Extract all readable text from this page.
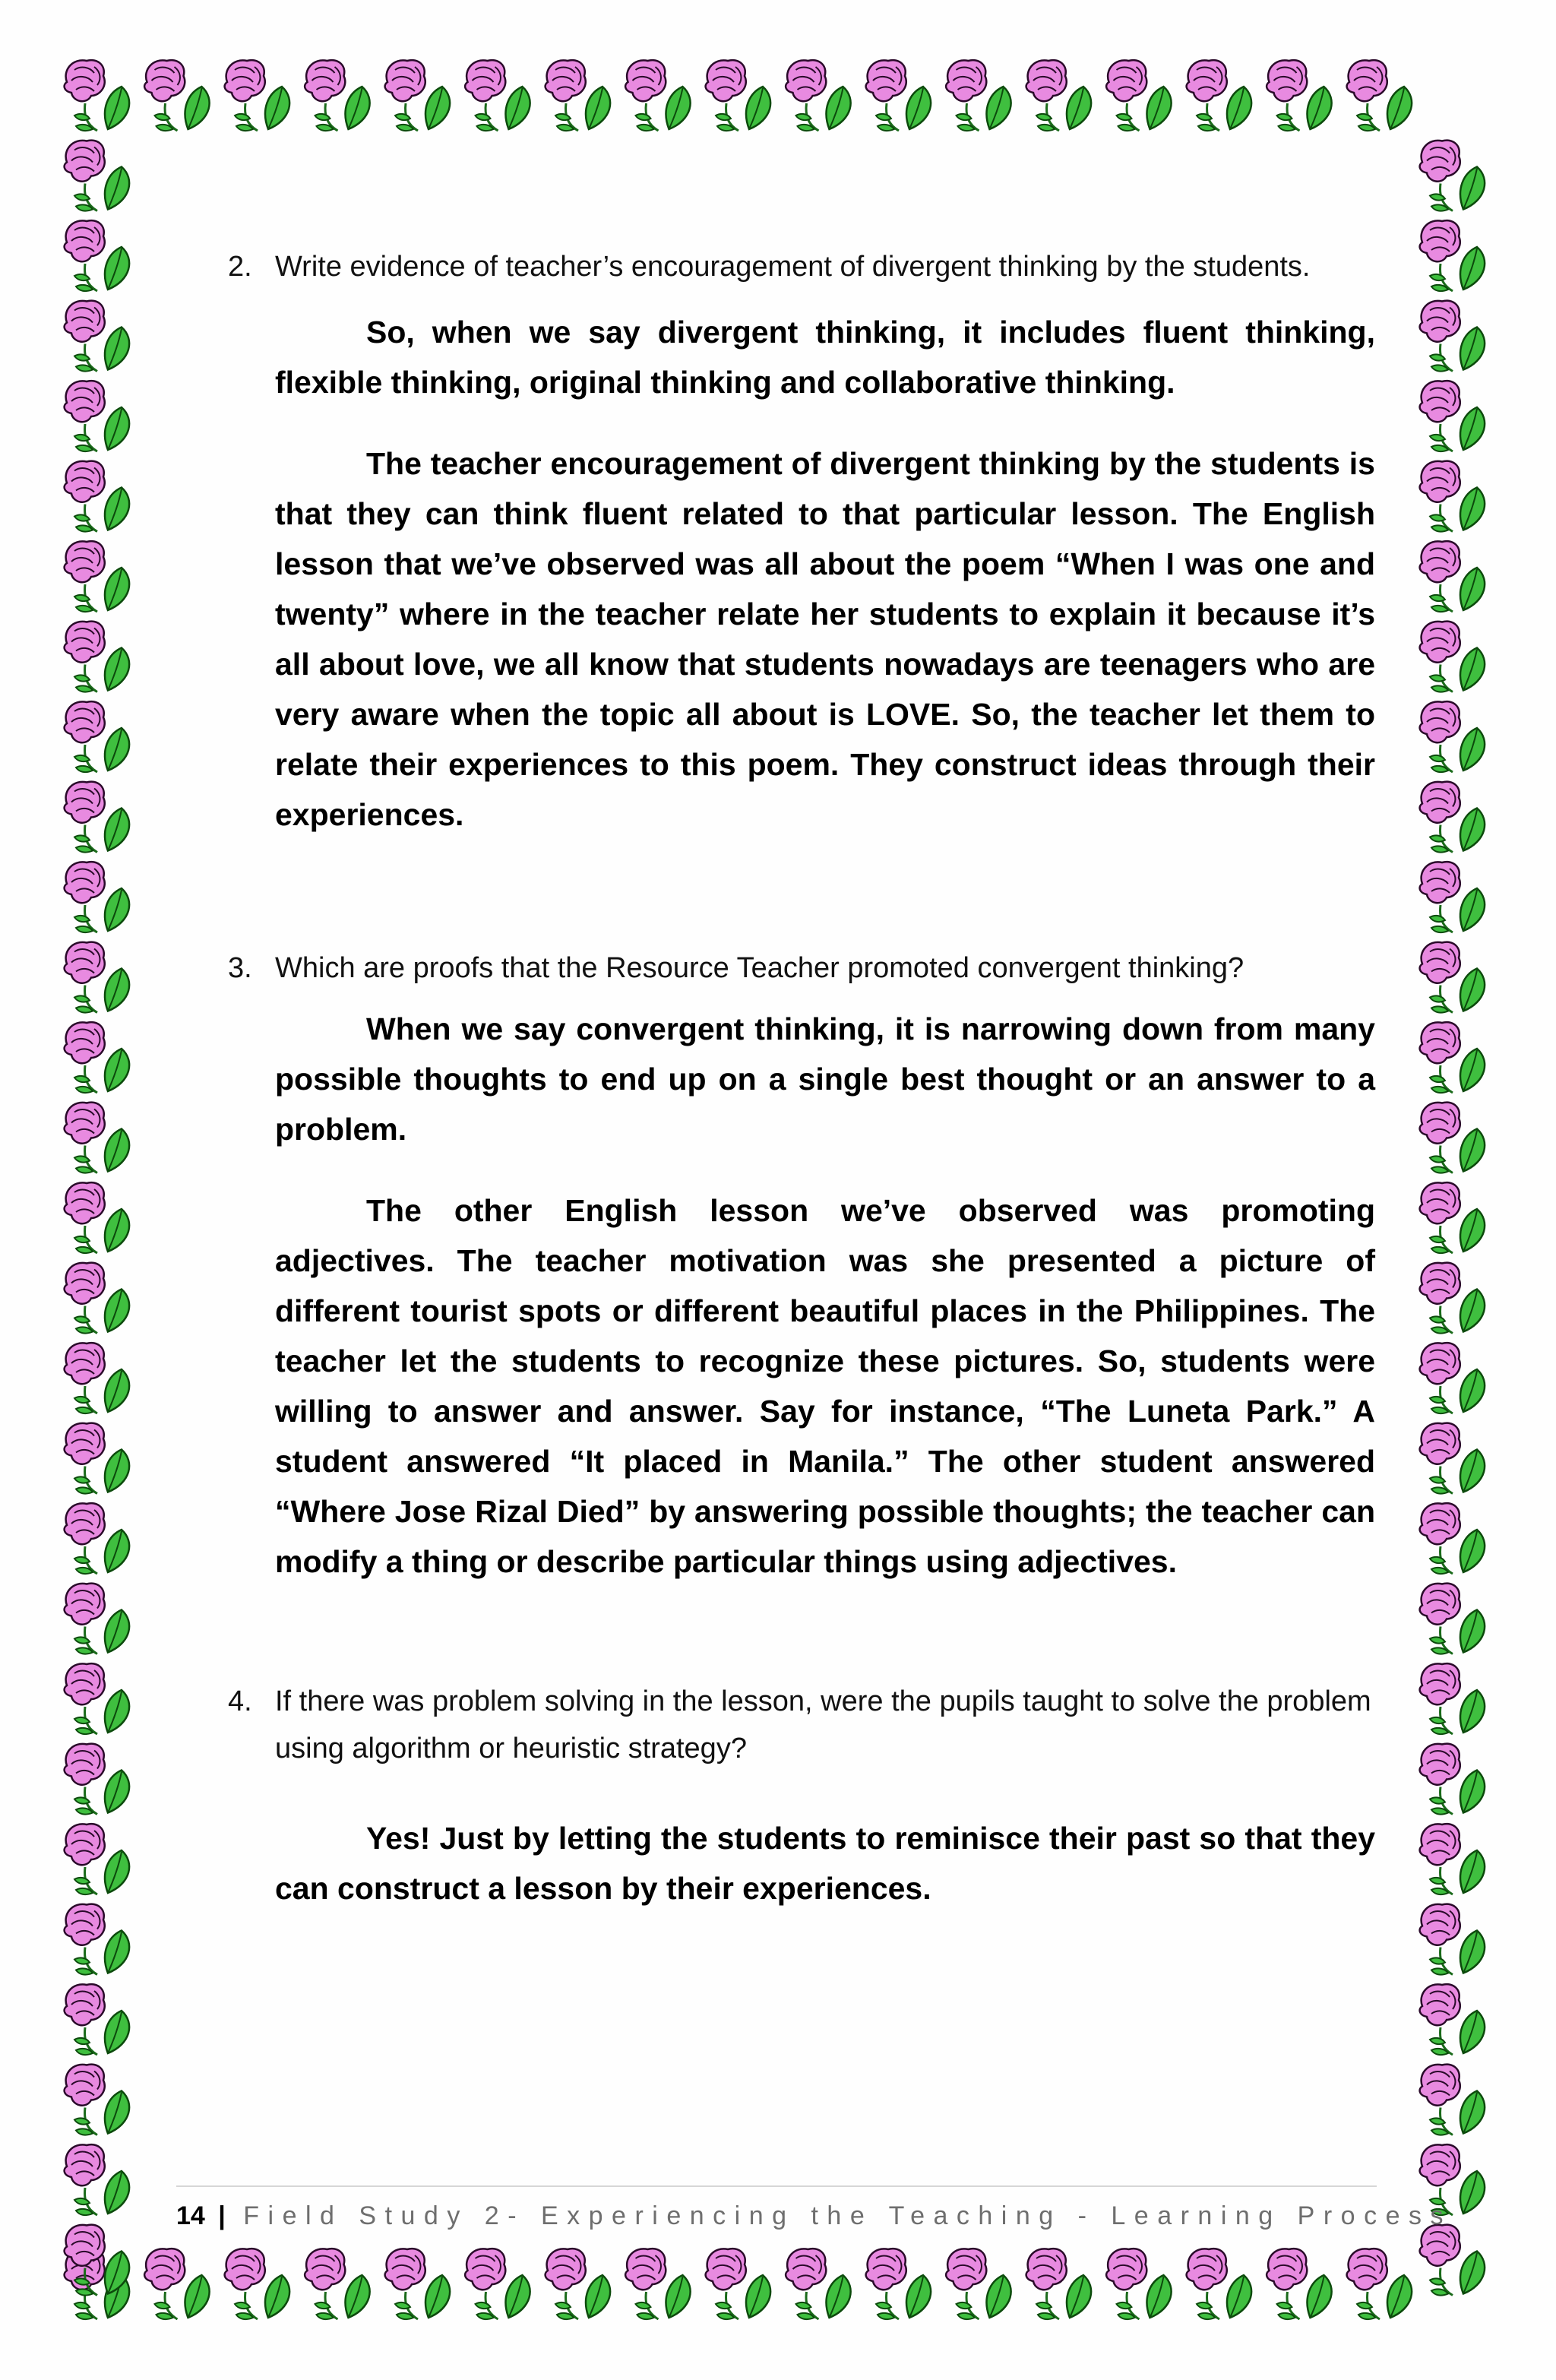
2. Write evidence of teacher’s encouragement of divergent thinking by the students.

So, when we say divergent thinking, it includes fluent thinking, flexible thinking, original thinking and collaborative thinking.

The teacher encouragement of divergent thinking by the students is that they can think fluent related to that particular lesson. The English lesson that we’ve observed was all about the poem “When I was one and twenty” where in the teacher relate her students to explain it because it’s all about love, we all know that students nowadays are teenagers who are very aware when the topic all about is LOVE. So, the teacher let them to relate their experiences to this poem. They construct ideas through their experiences.

3. Which are proofs that the Resource Teacher promoted convergent thinking?

When we say convergent thinking, it is narrowing down from many possible thoughts to end up on a single best thought or an answer to a problem.

The other English lesson we’ve observed was promoting adjectives. The teacher motivation was she presented a picture of different tourist spots or different beautiful places in the Philippines. The teacher let the students to recognize these pictures. So, students were willing to answer and answer. Say for instance, “The Luneta Park.” A student answered “It placed in Manila.” The other student answered “Where Jose Rizal Died” by answering possible thoughts; the teacher can modify a thing or describe particular things using adjectives.

4. If there was problem solving in the lesson, were the pupils taught to solve the problem using algorithm or heuristic strategy?

Yes! Just by letting the students to reminisce their past so that they can construct a lesson by their experiences.

14 | Field Study 2- Experiencing the Teaching - Learning Process
